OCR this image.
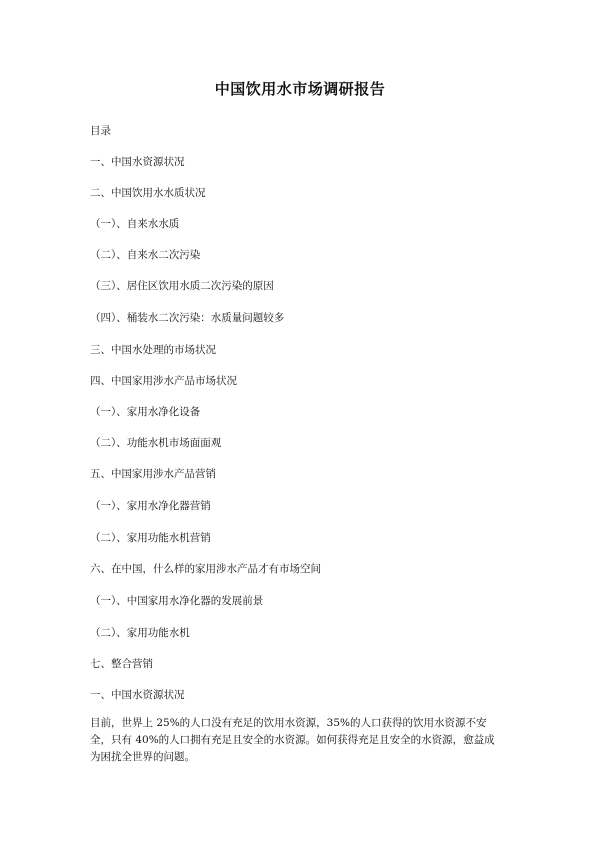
中国饮用水市场调研报告
目录
一、中国水资源状况
二、中国饮用水水质状况
（一）、自来水水质
（二）、自来水二次污染
（三）、居住区饮用水质二次污染的原因
（四）、桶装水二次污染：水质量问题较多
三、中国水处理的市场状况
四、中国家用涉水产品市场状况
（一）、家用水净化设备
（二）、功能水机市场面面观
五、中国家用涉水产品营销
（一）、家用水净化器营销
（二）、家用功能水机营销
六、在中国，什么样的家用涉水产品才有市场空间
（一）、中国家用水净化器的发展前景
（二）、家用功能水机
七、整合营销
一、中国水资源状况
目前，世界上 25%的人口没有充足的饮用水资源，35%的人口获得的饮用水资源不安全，只有 40%的人口拥有充足且安全的水资源。如何获得充足且安全的水资源，愈益成为困扰全世界的问题。
